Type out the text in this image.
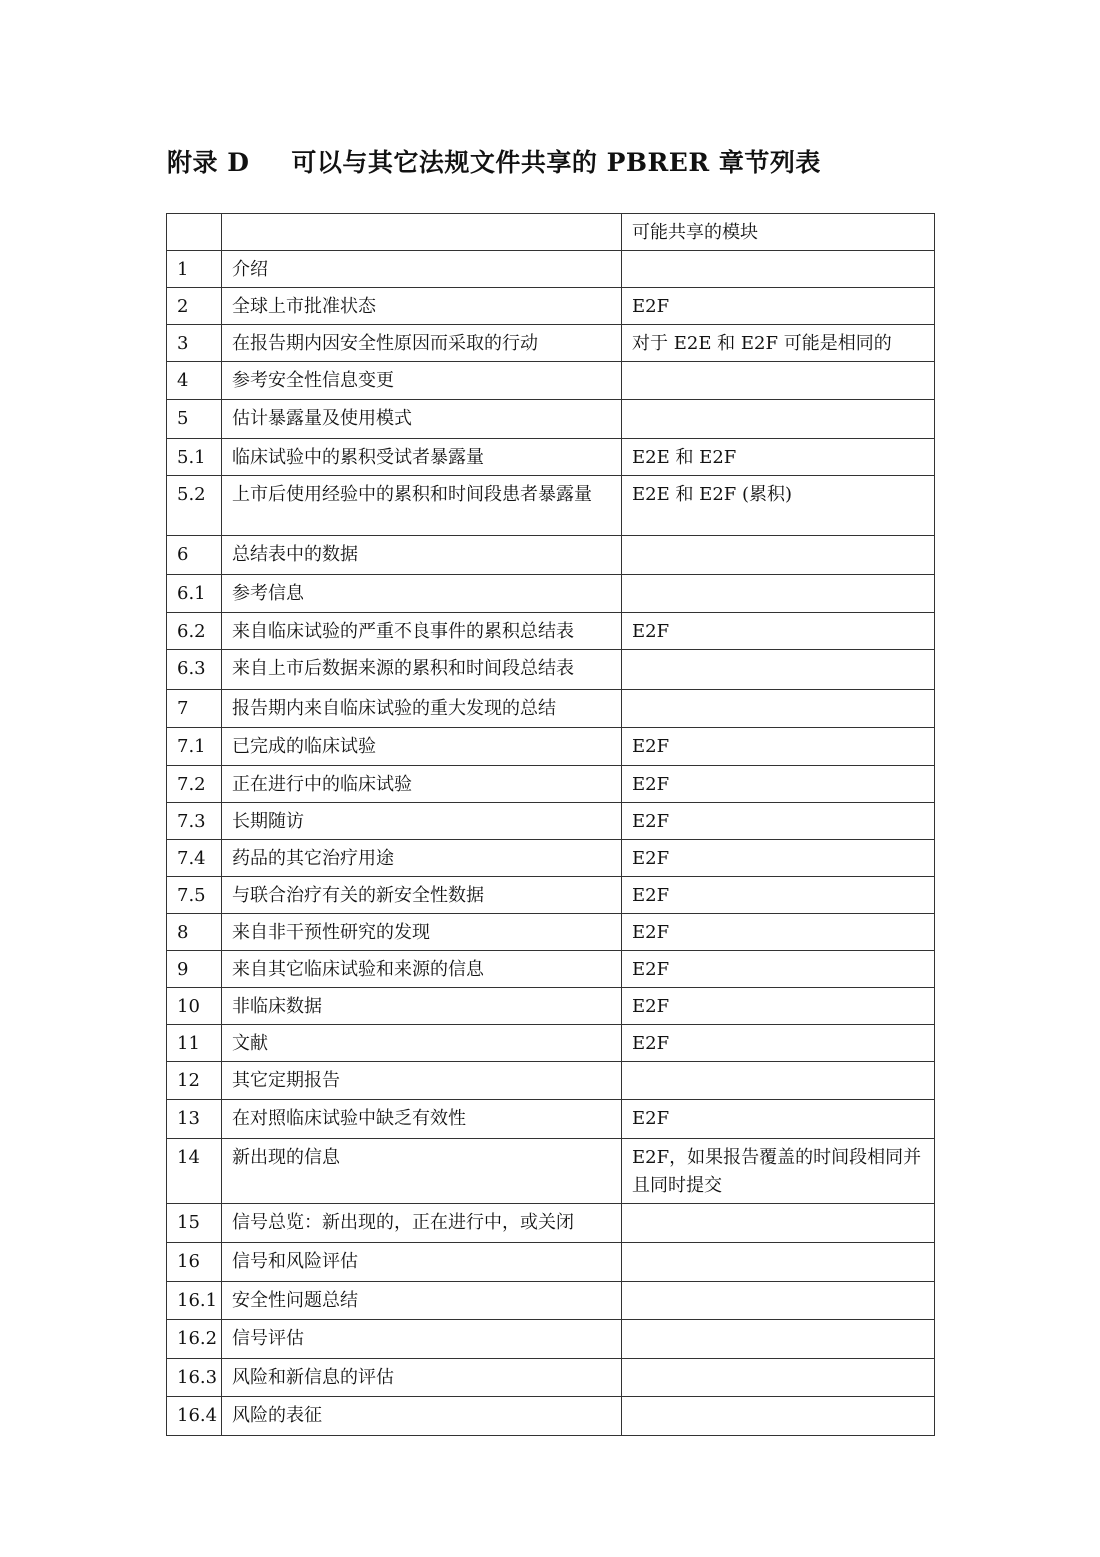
附录 D 可以与其它法规文件共享的 PBRER 章节列表
		可能共享的模块
1	介绍	
2	全球上市批准状态	E2F
3	在报告期内因安全性原因而采取的行动	对于 E2E 和 E2F 可能是相同的
4	参考安全性信息变更	
5	估计暴露量及使用模式	
5.1	临床试验中的累积受试者暴露量	E2E 和 E2F
5.2	上市后使用经验中的累积和时间段患者暴露量	E2E 和 E2F (累积)
6	总结表中的数据	
6.1	参考信息	
6.2	来自临床试验的严重不良事件的累积总结表	E2F
6.3	来自上市后数据来源的累积和时间段总结表	
7	报告期内来自临床试验的重大发现的总结	
7.1	已完成的临床试验	E2F
7.2	正在进行中的临床试验	E2F
7.3	长期随访	E2F
7.4	药品的其它治疗用途	E2F
7.5	与联合治疗有关的新安全性数据	E2F
8	来自非干预性研究的发现	E2F
9	来自其它临床试验和来源的信息	E2F
10	非临床数据	E2F
11	文献	E2F
12	其它定期报告	
13	在对照临床试验中缺乏有效性	E2F
14	新出现的信息	E2F，如果报告覆盖的时间段相同并且同时提交
15	信号总览：新出现的，正在进行中，或关闭	
16	信号和风险评估	
16.1	安全性问题总结	
16.2	信号评估	
16.3	风险和新信息的评估	
16.4	风险的表征	
